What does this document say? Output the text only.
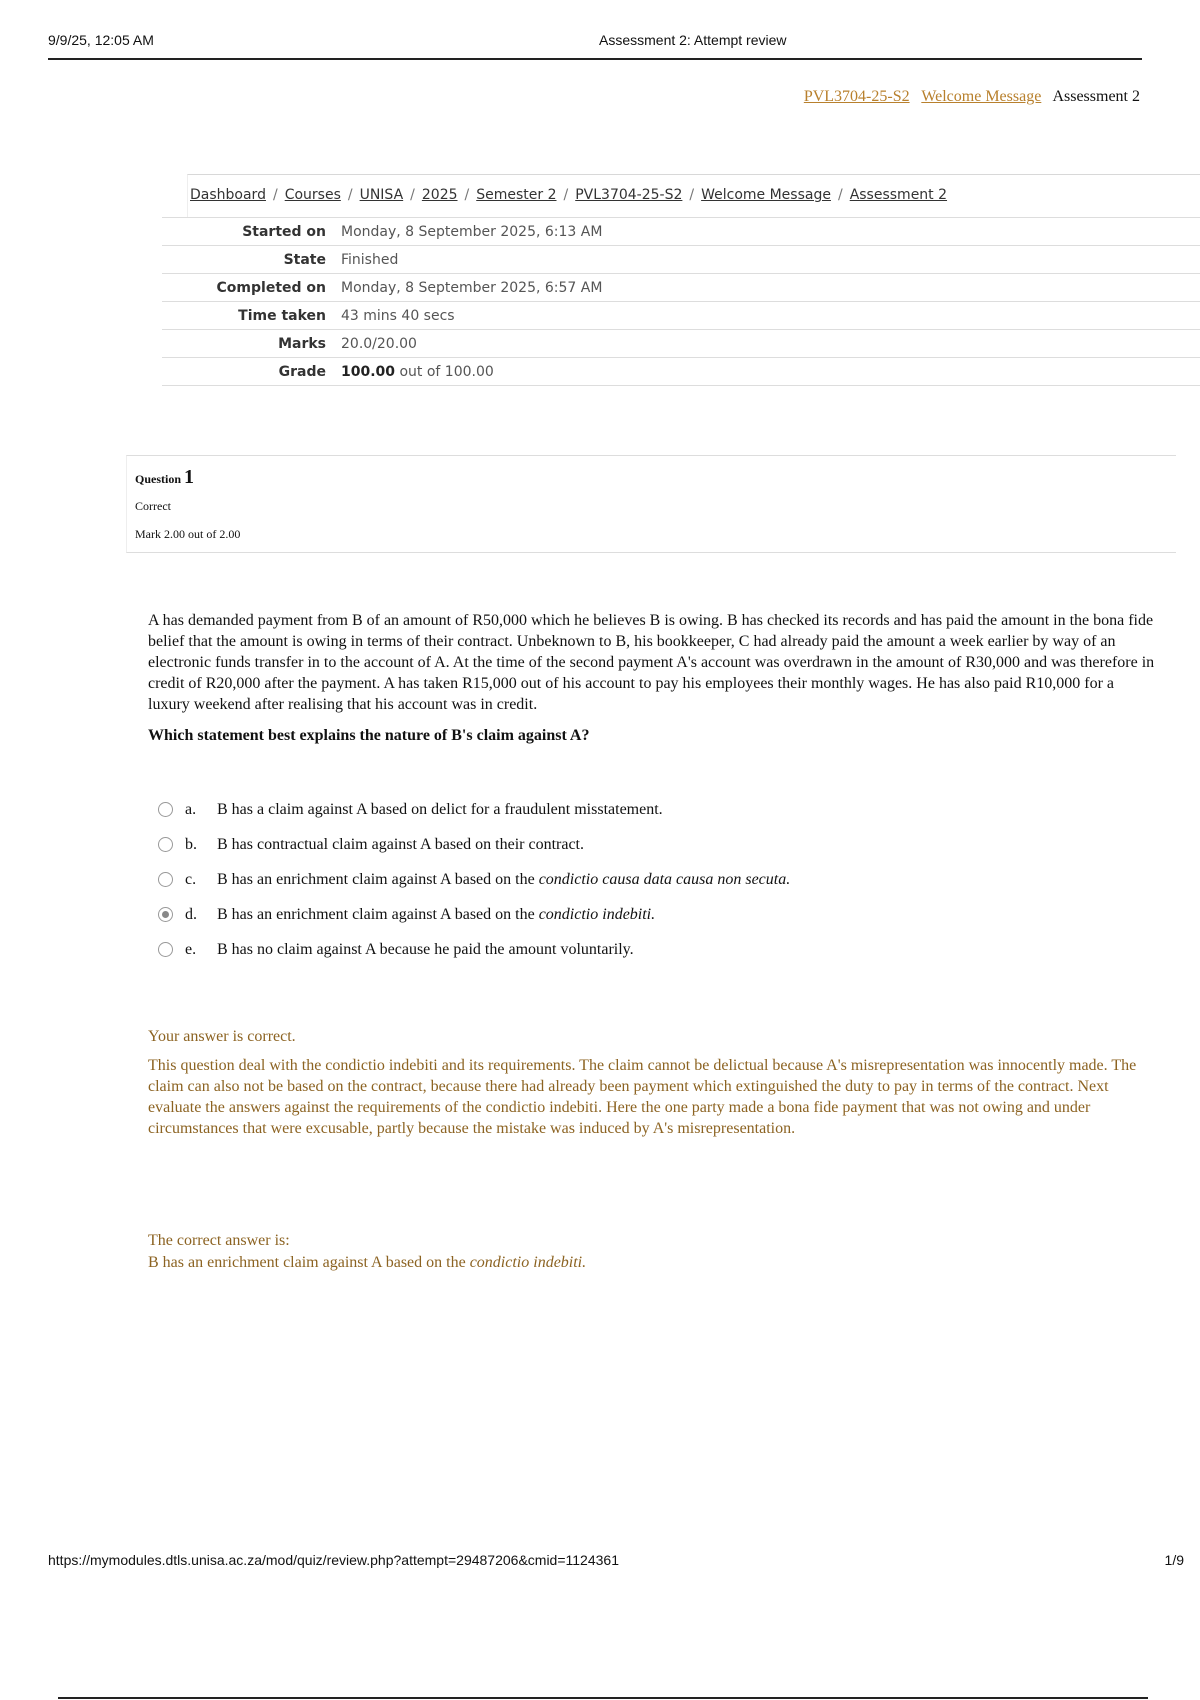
9/9/25, 12:05 AM	Assessment 2: Attempt review
PVL3704-25-S2 Welcome Message Assessment 2
Dashboard / Courses / UNISA / 2025 / Semester 2 / PVL3704-25-S2 / Welcome Message / Assessment 2
Started on	Monday, 8 September 2025, 6:13 AM
State	Finished
Completed on	Monday, 8 September 2025, 6:57 AM
Time taken	43 mins 40 secs
Marks	20.0/20.00
Grade	100.00 out of 100.00
Question 1
Correct
Mark 2.00 out of 2.00

A has demanded payment from B of an amount of R50,000 which he believes B is owing. B has checked its records and has paid the amount in the bona fide belief that the amount is owing in terms of their contract. Unbeknown to B, his bookkeeper, C had already paid the amount a week earlier by way of an electronic funds transfer in to the account of A. At the time of the second payment A's account was overdrawn in the amount of R30,000 and was therefore in credit of R20,000 after the payment. A has taken R15,000 out of his account to pay his employees their monthly wages. He has also paid R10,000 for a luxury weekend after realising that his account was in credit.

Which statement best explains the nature of B's claim against A?

a.	B has a claim against A based on delict for a fraudulent misstatement.
b.	B has contractual claim against A based on their contract.
c.	B has an enrichment claim against A based on the condictio causa data causa non secuta.
d.	B has an enrichment claim against A based on the condictio indebiti.
e.	B has no claim against A because he paid the amount voluntarily.

Your answer is correct.

This question deal with the condictio indebiti and its requirements. The claim cannot be delictual because A's misrepresentation was innocently made. The claim can also not be based on the contract, because there had already been payment which extinguished the duty to pay in terms of the contract. Next evaluate the answers against the requirements of the condictio indebiti. Here the one party made a bona fide payment that was not owing and under circumstances that were excusable, partly because the mistake was induced by A's misrepresentation.

The correct answer is:
B has an enrichment claim against A based on the condictio indebiti.
https://mymodules.dtls.unisa.ac.za/mod/quiz/review.php?attempt=29487206&cmid=1124361	1/9
